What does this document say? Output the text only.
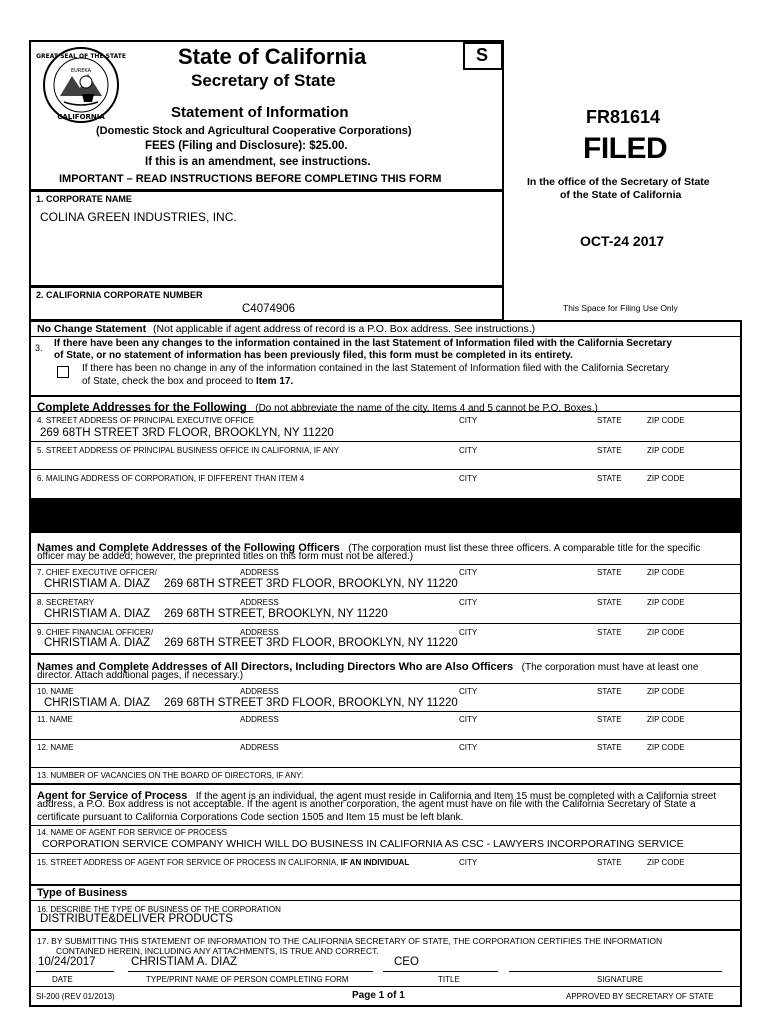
GREAT SEAL OF THE STATE
CALIFORNIA
EUREKA
State of California
Secretary of State
S
Statement of Information
(Domestic Stock and Agricultural Cooperative Corporations)
FEES (Filing and Disclosure): $25.00.
If this is an amendment, see instructions.
IMPORTANT – READ INSTRUCTIONS BEFORE COMPLETING THIS FORM
1. CORPORATE NAME
COLINA GREEN INDUSTRIES, INC.
2. CALIFORNIA CORPORATE NUMBER
C4074906
FR81614
FILED
In the office of the Secretary of State
of the State of California
OCT-24 2017
This Space for Filing Use Only
No Change Statement (Not applicable if agent address of record is a P.O. Box address. See instructions.)
3. If there have been any changes to the information contained in the last Statement of Information filed with the California Secretary
of State, or no statement of information has been previously filed, this form must be completed in its entirety.
If there has been no change in any of the information contained in the last Statement of Information filed with the California Secretary
of State, check the box and proceed to Item 17.
Complete Addresses for the Following (Do not abbreviate the name of the city. Items 4 and 5 cannot be P.O. Boxes.)
4. STREET ADDRESS OF PRINCIPAL EXECUTIVE OFFICE	CITY	STATE	ZIP CODE
269 68TH STREET 3RD FLOOR, BROOKLYN, NY 11220
5. STREET ADDRESS OF PRINCIPAL BUSINESS OFFICE IN CALIFORNIA, IF ANY	CITY	STATE	ZIP CODE
6. MAILING ADDRESS OF CORPORATION, IF DIFFERENT THAN ITEM 4	CITY	STATE	ZIP CODE
Names and Complete Addresses of the Following Officers (The corporation must list these three officers. A comparable title for the specific
officer may be added; however, the preprinted titles on this form must not be altered.)
7. CHIEF EXECUTIVE OFFICER/	ADDRESS	CITY	STATE	ZIP CODE
CHRISTIAM A. DIAZ 269 68TH STREET 3RD FLOOR, BROOKLYN, NY 11220
8. SECRETARY	ADDRESS	CITY	STATE	ZIP CODE
CHRISTIAM A. DIAZ 269 68TH STREET, BROOKLYN, NY 11220
9. CHIEF FINANCIAL OFFICER/	ADDRESS	CITY	STATE	ZIP CODE
CHRISTIAM A. DIAZ 269 68TH STREET 3RD FLOOR, BROOKLYN, NY 11220
Names and Complete Addresses of All Directors, Including Directors Who are Also Officers (The corporation must have at least one
director. Attach additional pages, if necessary.)
10. NAME	ADDRESS	CITY	STATE	ZIP CODE
CHRISTIAM A. DIAZ 269 68TH STREET 3RD FLOOR, BROOKLYN, NY 11220
11. NAME	ADDRESS	CITY	STATE	ZIP CODE
12. NAME	ADDRESS	CITY	STATE	ZIP CODE
13. NUMBER OF VACANCIES ON THE BOARD OF DIRECTORS, IF ANY:
Agent for Service of Process If the agent is an individual, the agent must reside in California and Item 15 must be completed with a California street
address, a P.O. Box address is not acceptable. If the agent is another corporation, the agent must have on file with the California Secretary of State a
certificate pursuant to California Corporations Code section 1505 and Item 15 must be left blank.
14. NAME OF AGENT FOR SERVICE OF PROCESS
CORPORATION SERVICE COMPANY WHICH WILL DO BUSINESS IN CALIFORNIA AS CSC - LAWYERS INCORPORATING SERVICE
15. STREET ADDRESS OF AGENT FOR SERVICE OF PROCESS IN CALIFORNIA, IF AN INDIVIDUAL	CITY	STATE	ZIP CODE
Type of Business
16. DESCRIBE THE TYPE OF BUSINESS OF THE CORPORATION
DISTRIBUTE&DELIVER PRODUCTS
17. BY SUBMITTING THIS STATEMENT OF INFORMATION TO THE CALIFORNIA SECRETARY OF STATE, THE CORPORATION CERTIFIES THE INFORMATION
CONTAINED HEREIN, INCLUDING ANY ATTACHMENTS, IS TRUE AND CORRECT.
10/24/2017	CHRISTIAM A. DIAZ	CEO
DATE	TYPE/PRINT NAME OF PERSON COMPLETING FORM	TITLE	SIGNATURE
SI-200 (REV 01/2013)	Page 1 of 1	APPROVED BY SECRETARY OF STATE
